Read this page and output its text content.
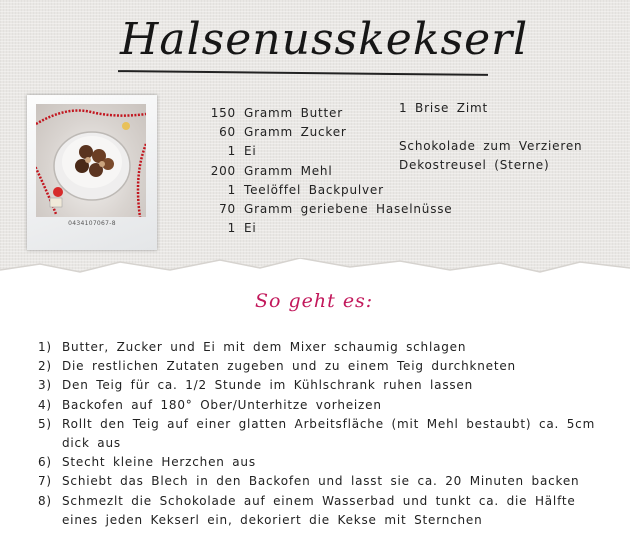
Halsenusskekserl
0434107067-8
150 Gramm Butter
60 Gramm Zucker
1 Ei
200 Gramm Mehl
1 Teelöffel Backpulver
70 Gramm geriebene Haselnüsse
1 Ei
1 Brise Zimt

Schokolade zum Verzieren
Dekostreusel (Sterne)
So geht es:
1) Butter, Zucker und Ei mit dem Mixer schaumig schlagen
2) Die restlichen Zutaten zugeben und zu einem Teig durchkneten
3) Den Teig für ca. 1/2 Stunde im Kühlschrank ruhen lassen
4) Backofen auf 180° Ober/Unterhitze vorheizen
5) Rollt den Teig auf einer glatten Arbeitsfläche (mit Mehl bestaubt) ca. 5cm dick aus
6) Stecht kleine Herzchen aus
7) Schiebt das Blech in den Backofen und lasst sie ca. 20 Minuten backen
8) Schmezlt die Schokolade auf einem Wasserbad und tunkt ca. die Hälfte eines jeden Kekserl ein, dekoriert die Kekse mit Sternchen
